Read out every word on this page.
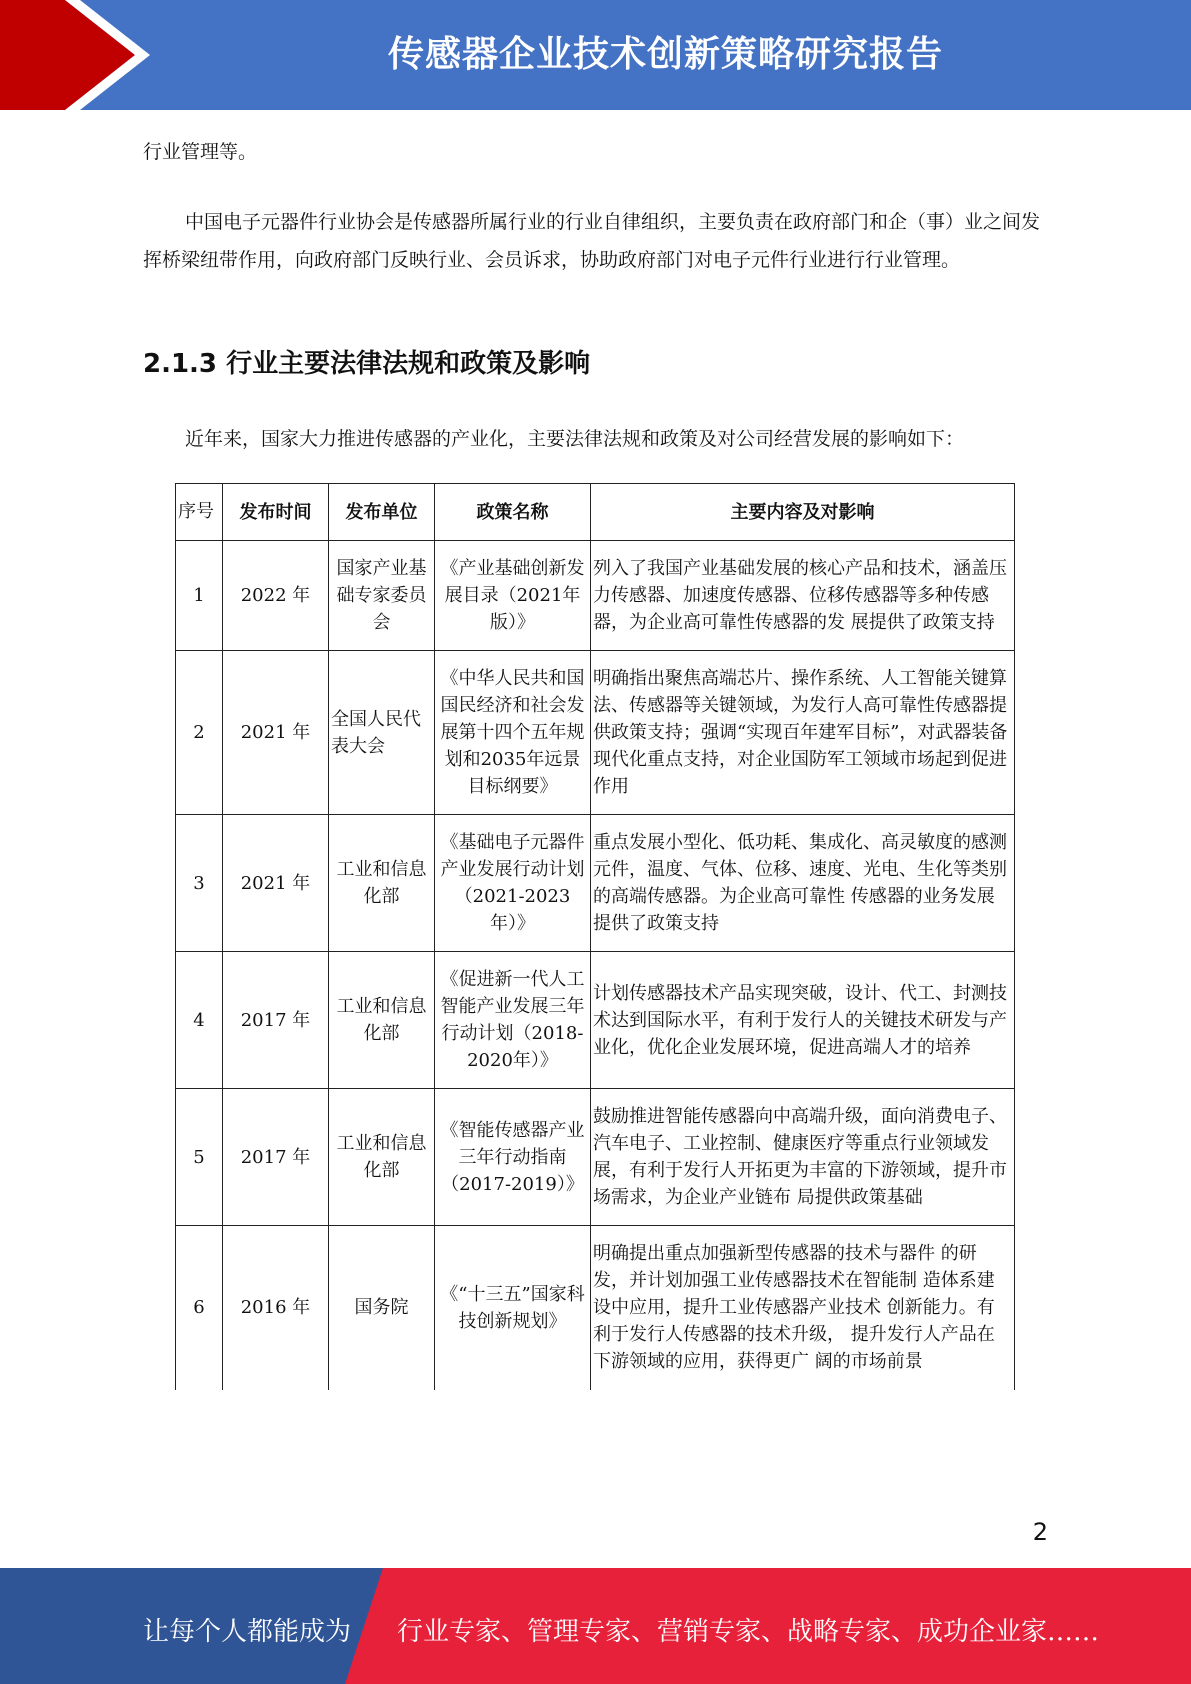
传感器企业技术创新策略研究报告

行业管理等。

中国电子元器件行业协会是传感器所属行业的行业自律组织，主要负责在政府部门和企（事）业之间发挥桥梁纽带作用，向政府部门反映行业、会员诉求，协助政府部门对电子元件行业进行行业管理。

2.1.3 行业主要法律法规和政策及影响

近年来，国家大力推进传感器的产业化，主要法律法规和政策及对公司经营发展的影响如下：

序号	发布时间	发布单位	政策名称	主要内容及对影响
1	2022 年	国家产业基础专家委员会	《产业基础创新发展目录（2021年版）》	列入了我国产业基础发展的核心产品和技术，涵盖压力传感器、加速度传感器、位移传感器等多种传感器，为企业高可靠性传感器的发 展提供了政策支持
2	2021 年	全国人民代表大会	《中华人民共和国国民经济和社会发展第十四个五年规划和2035年远景目标纲要》	明确指出聚焦高端芯片、操作系统、人工智能关键算法、传感器等关键领域，为发行人高可靠性传感器提供政策支持；强调“实现百年建军目标”，对武器装备现代化重点支持，对企业国防军工领域市场起到促进作用
3	2021 年	工业和信息化部	《基础电子元器件产业发展行动计划（2021-2023年）》	重点发展小型化、低功耗、集成化、高灵敏度的感测元件，温度、气体、位移、速度、光电、生化等类别的高端传感器。为企业高可靠性 传感器的业务发展提供了政策支持
4	2017 年	工业和信息化部	《促进新一代人工智能产业发展三年行动计划（2018-2020年）》	计划传感器技术产品实现突破，设计、代工、封测技术达到国际水平，有利于发行人的关键技术研发与产业化，优化企业发展环境，促进高端人才的培养
5	2017 年	工业和信息化部	《智能传感器产业三年行动指南（2017-2019）》	鼓励推进智能传感器向中高端升级，面向消费电子、汽车电子、工业控制、健康医疗等重点行业领域发展，有利于发行人开拓更为丰富的下游领域，提升市场需求，为企业产业链布 局提供政策基础
6	2016 年	国务院	《“十三五”国家科技创新规划》	明确提出重点加强新型传感器的技术与器件 的研发，并计划加强工业传感器技术在智能制 造体系建设中应用，提升工业传感器产业技术 创新能力。有利于发行人传感器的技术升级， 提升发行人产品在下游领域的应用，获得更广 阔的市场前景
2
让每个人都能成为 行业专家、管理专家、营销专家、战略专家、成功企业家……
